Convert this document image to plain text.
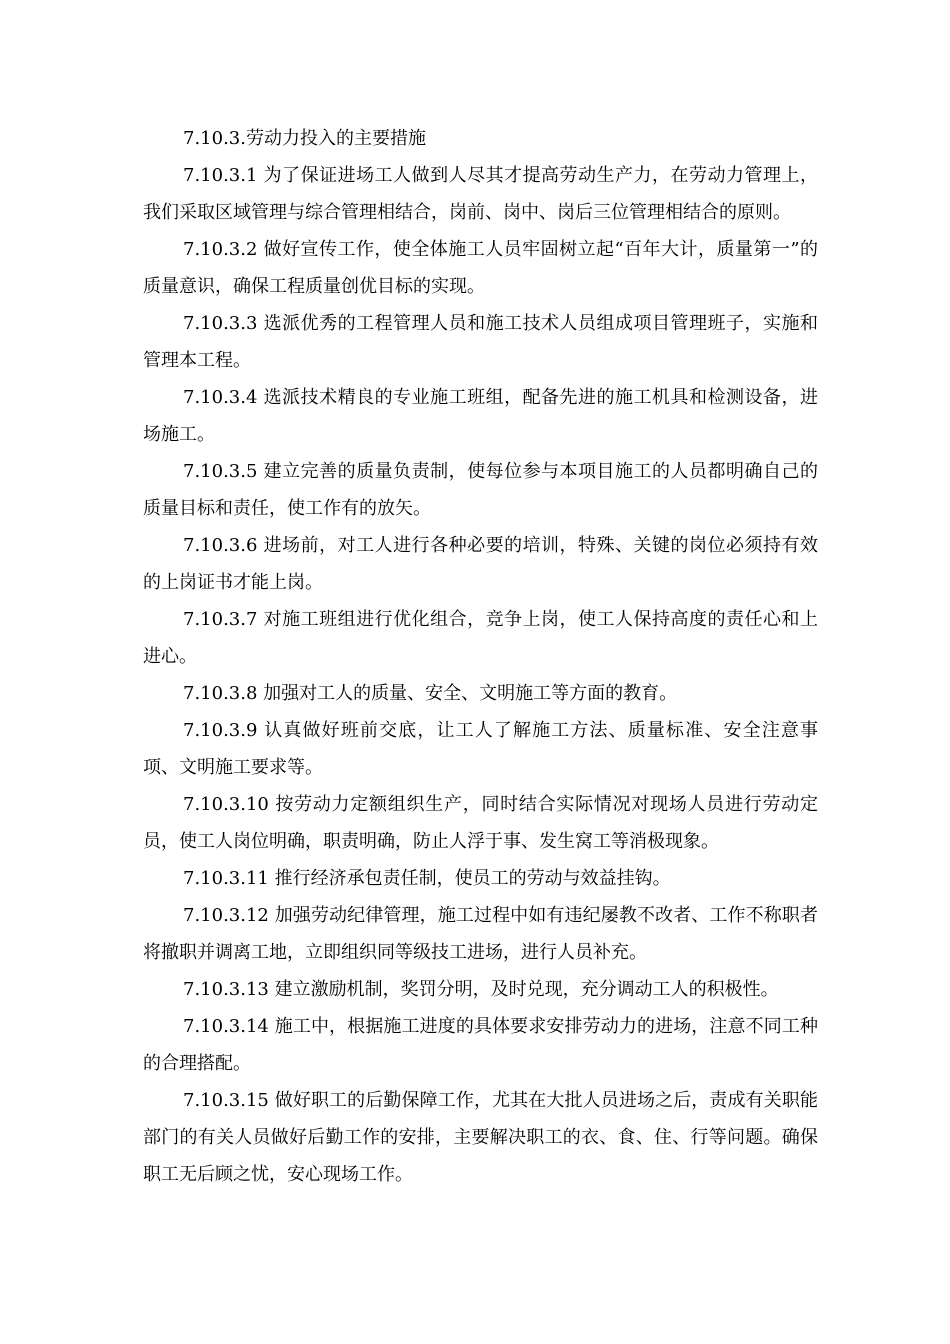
7.10.3.劳动力投入的主要措施

7.10.3.1 为了保证进场工人做到人尽其才提高劳动生产力，在劳动力管理上，我们采取区域管理与综合管理相结合，岗前、岗中、岗后三位管理相结合的原则。

7.10.3.2 做好宣传工作，使全体施工人员牢固树立起“百年大计，质量第一”的质量意识，确保工程质量创优目标的实现。

7.10.3.3 选派优秀的工程管理人员和施工技术人员组成项目管理班子，实施和管理本工程。

7.10.3.4 选派技术精良的专业施工班组，配备先进的施工机具和检测设备，进场施工。

7.10.3.5 建立完善的质量负责制，使每位参与本项目施工的人员都明确自己的质量目标和责任，使工作有的放矢。

7.10.3.6 进场前，对工人进行各种必要的培训，特殊、关键的岗位必须持有效的上岗证书才能上岗。

7.10.3.7 对施工班组进行优化组合，竞争上岗，使工人保持高度的责任心和上进心。

7.10.3.8 加强对工人的质量、安全、文明施工等方面的教育。

7.10.3.9 认真做好班前交底，让工人了解施工方法、质量标准、安全注意事项、文明施工要求等。

7.10.3.10 按劳动力定额组织生产，同时结合实际情况对现场人员进行劳动定员，使工人岗位明确，职责明确，防止人浮于事、发生窝工等消极现象。

7.10.3.11 推行经济承包责任制，使员工的劳动与效益挂钩。

7.10.3.12 加强劳动纪律管理，施工过程中如有违纪屡教不改者、工作不称职者将撤职并调离工地，立即组织同等级技工进场，进行人员补充。

7.10.3.13 建立激励机制，奖罚分明，及时兑现，充分调动工人的积极性。

7.10.3.14 施工中，根据施工进度的具体要求安排劳动力的进场，注意不同工种的合理搭配。

7.10.3.15 做好职工的后勤保障工作，尤其在大批人员进场之后，责成有关职能部门的有关人员做好后勤工作的安排，主要解决职工的衣、食、住、行等问题。确保职工无后顾之忧，安心现场工作。
